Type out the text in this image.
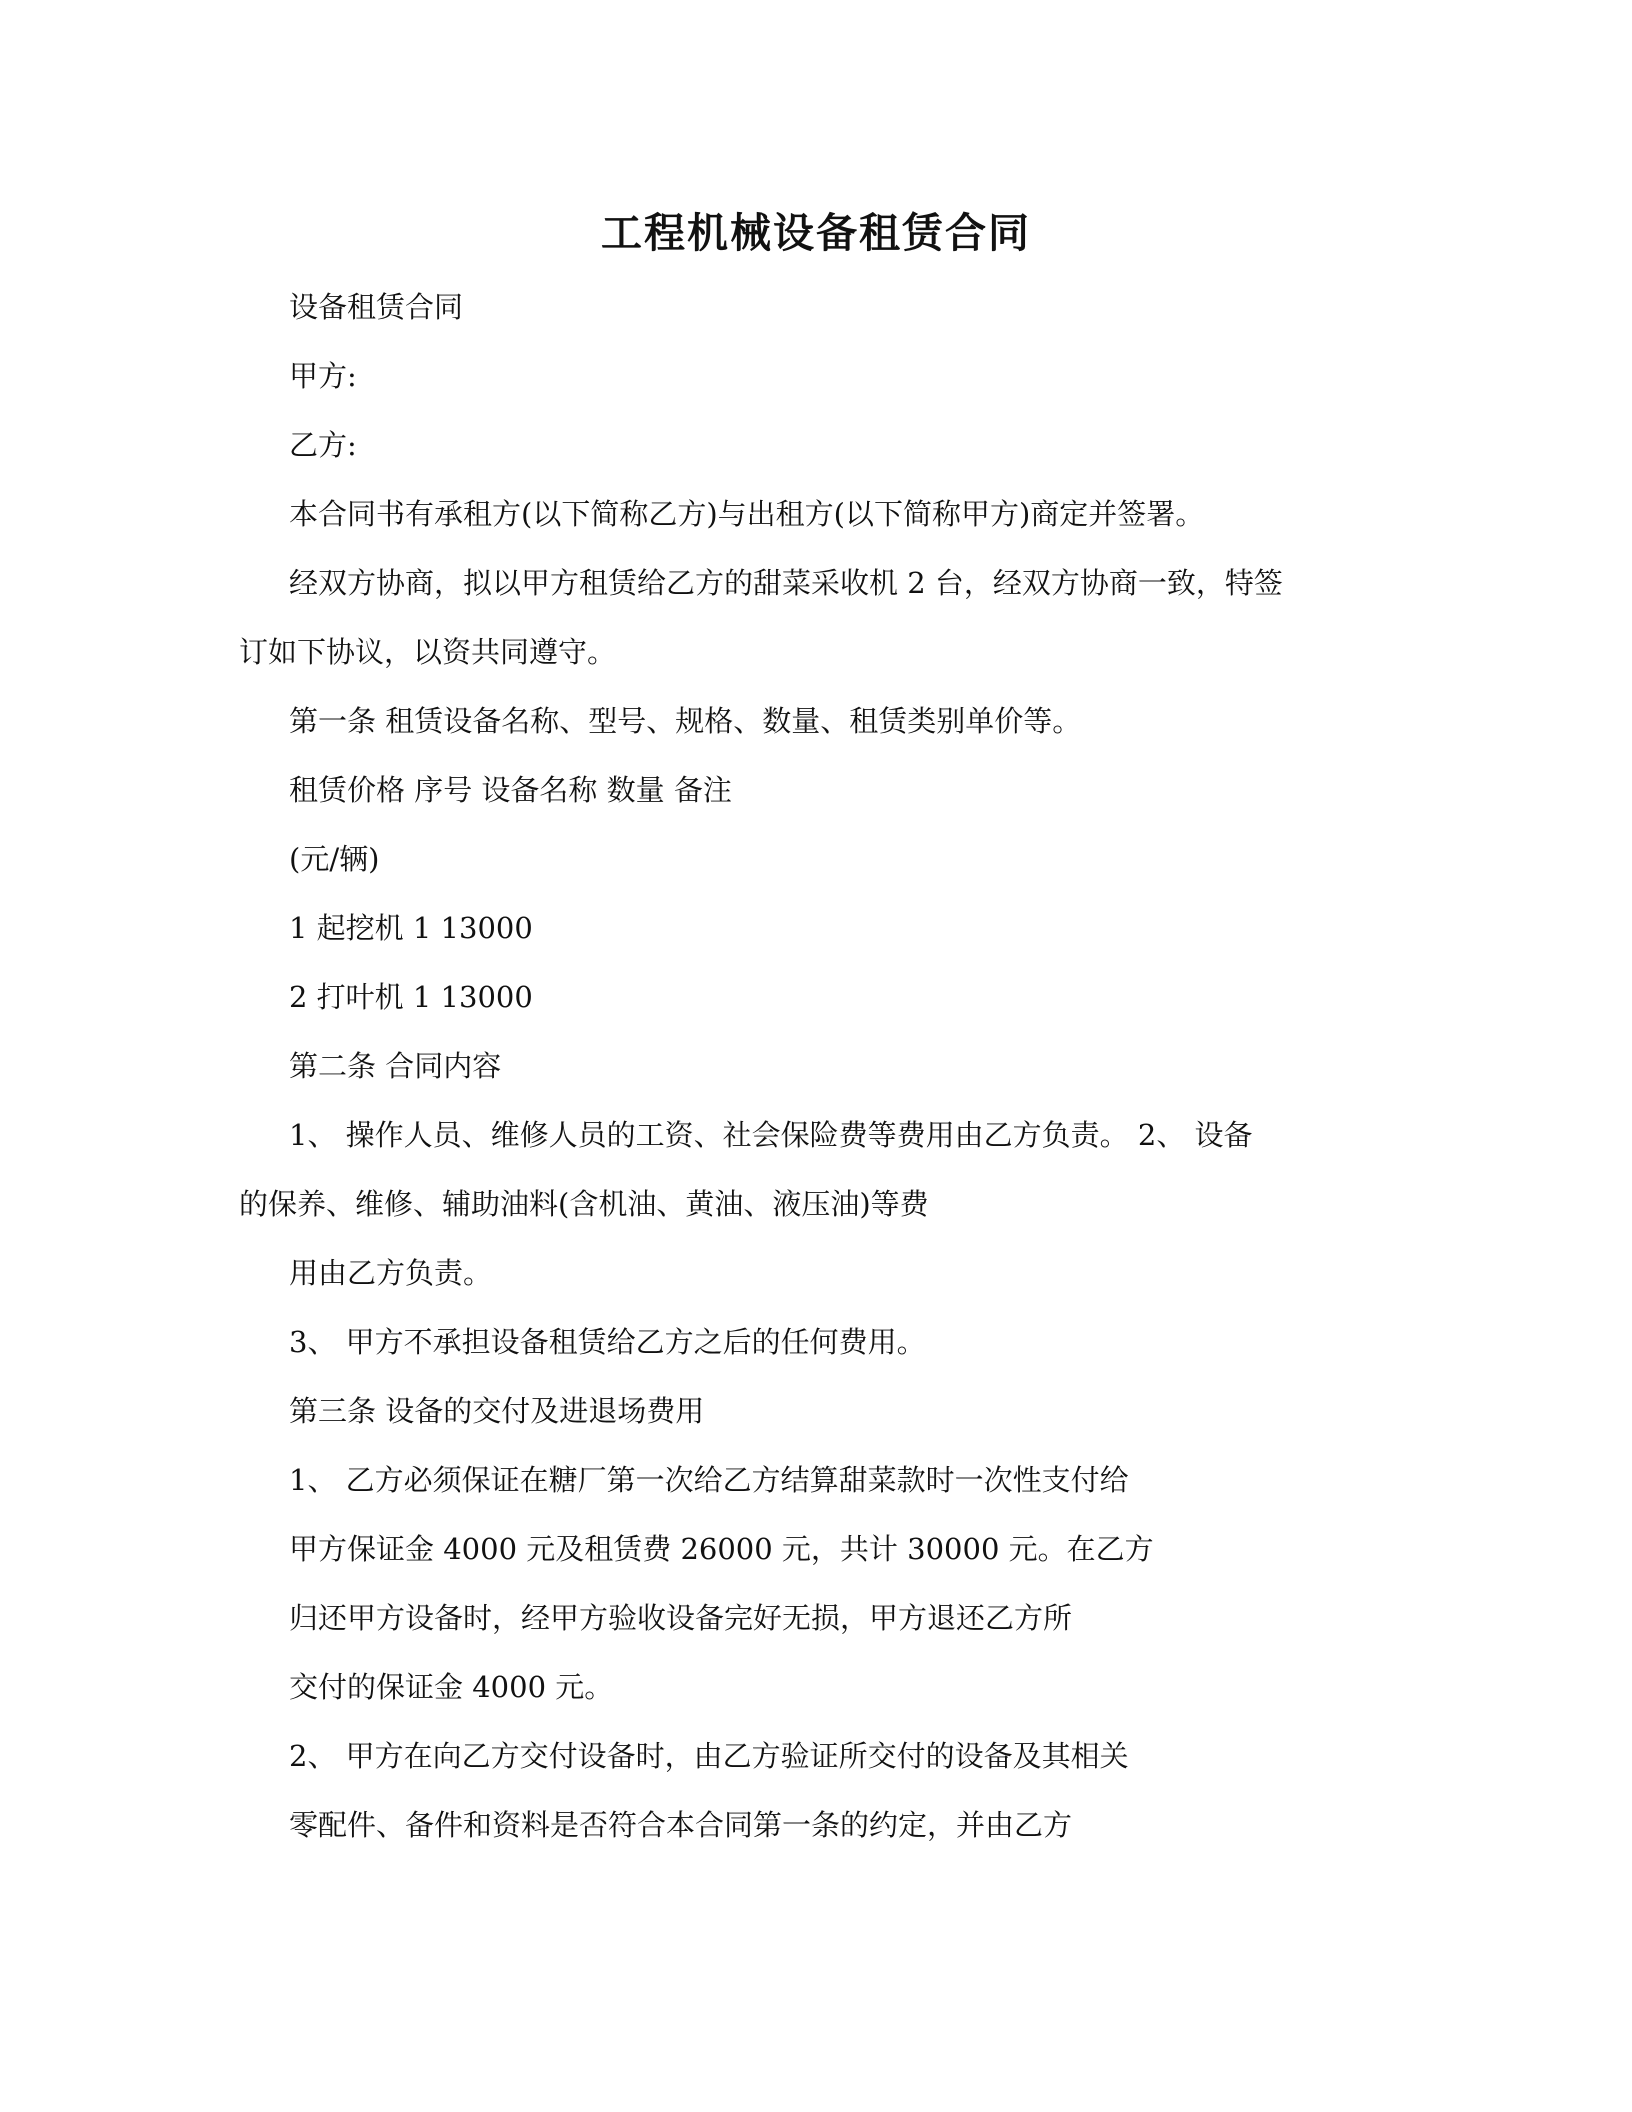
工程机械设备租赁合同
设备租赁合同
甲方:
乙方:
本合同书有承租方(以下简称乙方)与出租方(以下简称甲方)商定并签署。
经双方协商，拟以甲方租赁给乙方的甜菜采收机 2 台，经双方协商一致，特签
订如下协议，以资共同遵守。
第一条 租赁设备名称、型号、规格、数量、租赁类别单价等。
租赁价格 序号 设备名称 数量 备注
(元/辆)
1 起挖机 1 13000
2 打叶机 1 13000
第二条 合同内容
1、 操作人员、维修人员的工资、社会保险费等费用由乙方负责。 2、 设备
的保养、维修、辅助油料(含机油、黄油、液压油)等费
用由乙方负责。
3、 甲方不承担设备租赁给乙方之后的任何费用。
第三条 设备的交付及进退场费用
1、 乙方必须保证在糖厂第一次给乙方结算甜菜款时一次性支付给
甲方保证金 4000 元及租赁费 26000 元，共计 30000 元。在乙方
归还甲方设备时，经甲方验收设备完好无损，甲方退还乙方所
交付的保证金 4000 元。
2、 甲方在向乙方交付设备时，由乙方验证所交付的设备及其相关
零配件、备件和资料是否符合本合同第一条的约定，并由乙方
